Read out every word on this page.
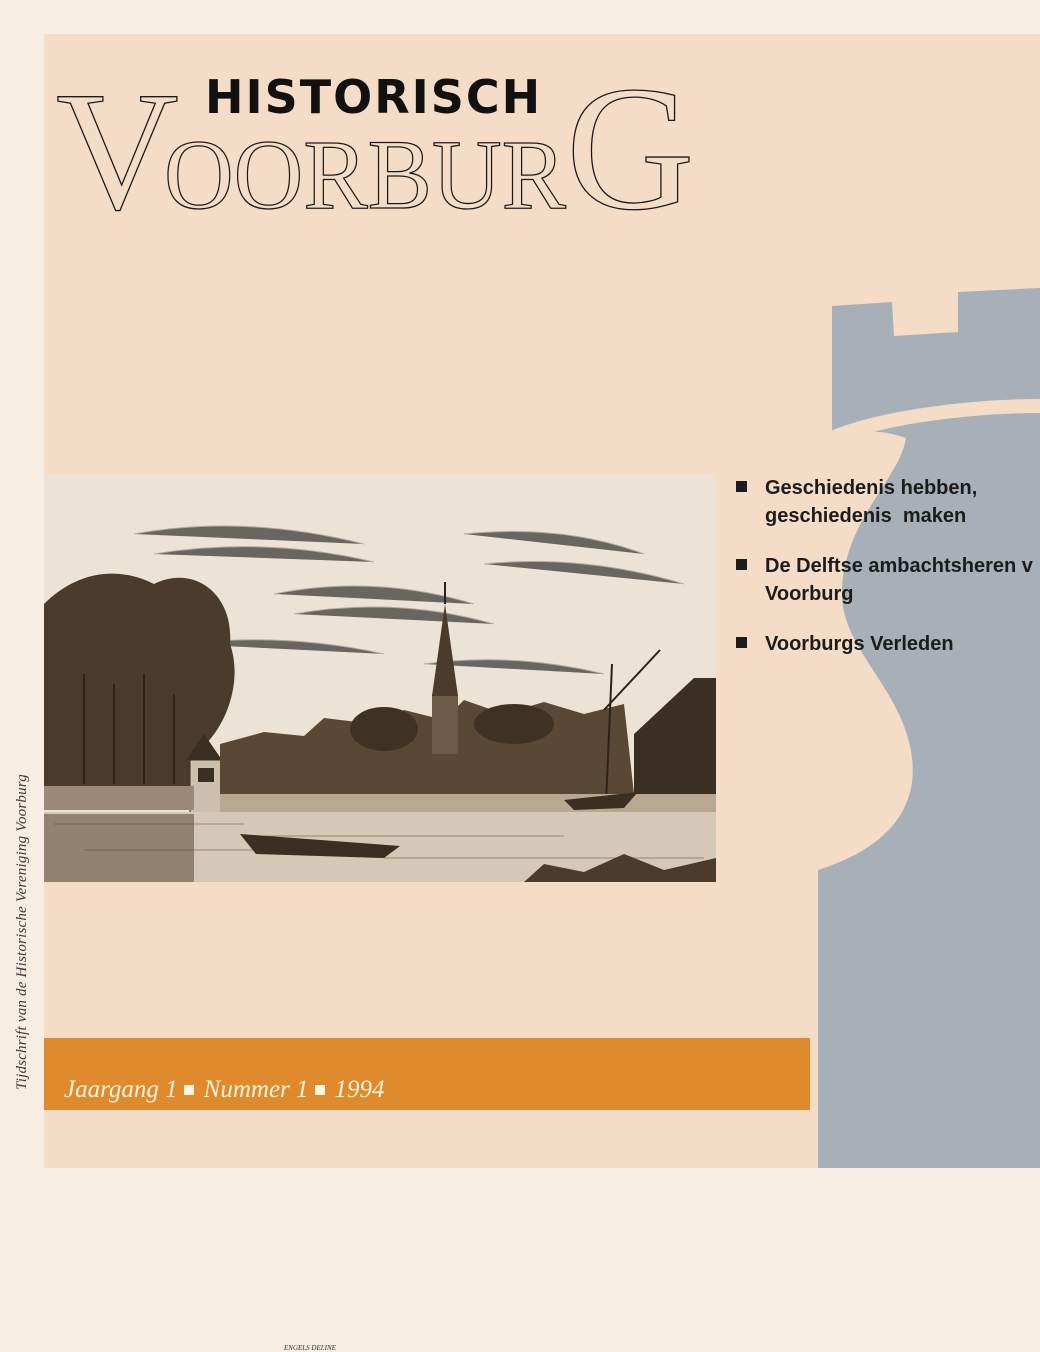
Tijdschrift van de Historische Vereniging Voorburg
V
OORBUR G
HISTORISCH
ENGELS DELINE
Geschiedenis hebben,
geschiedenis  maken
De Delftse ambachtsheren v
Voorburg
Voorburgs Verleden
Jaargang 1 Nummer 1 1994
